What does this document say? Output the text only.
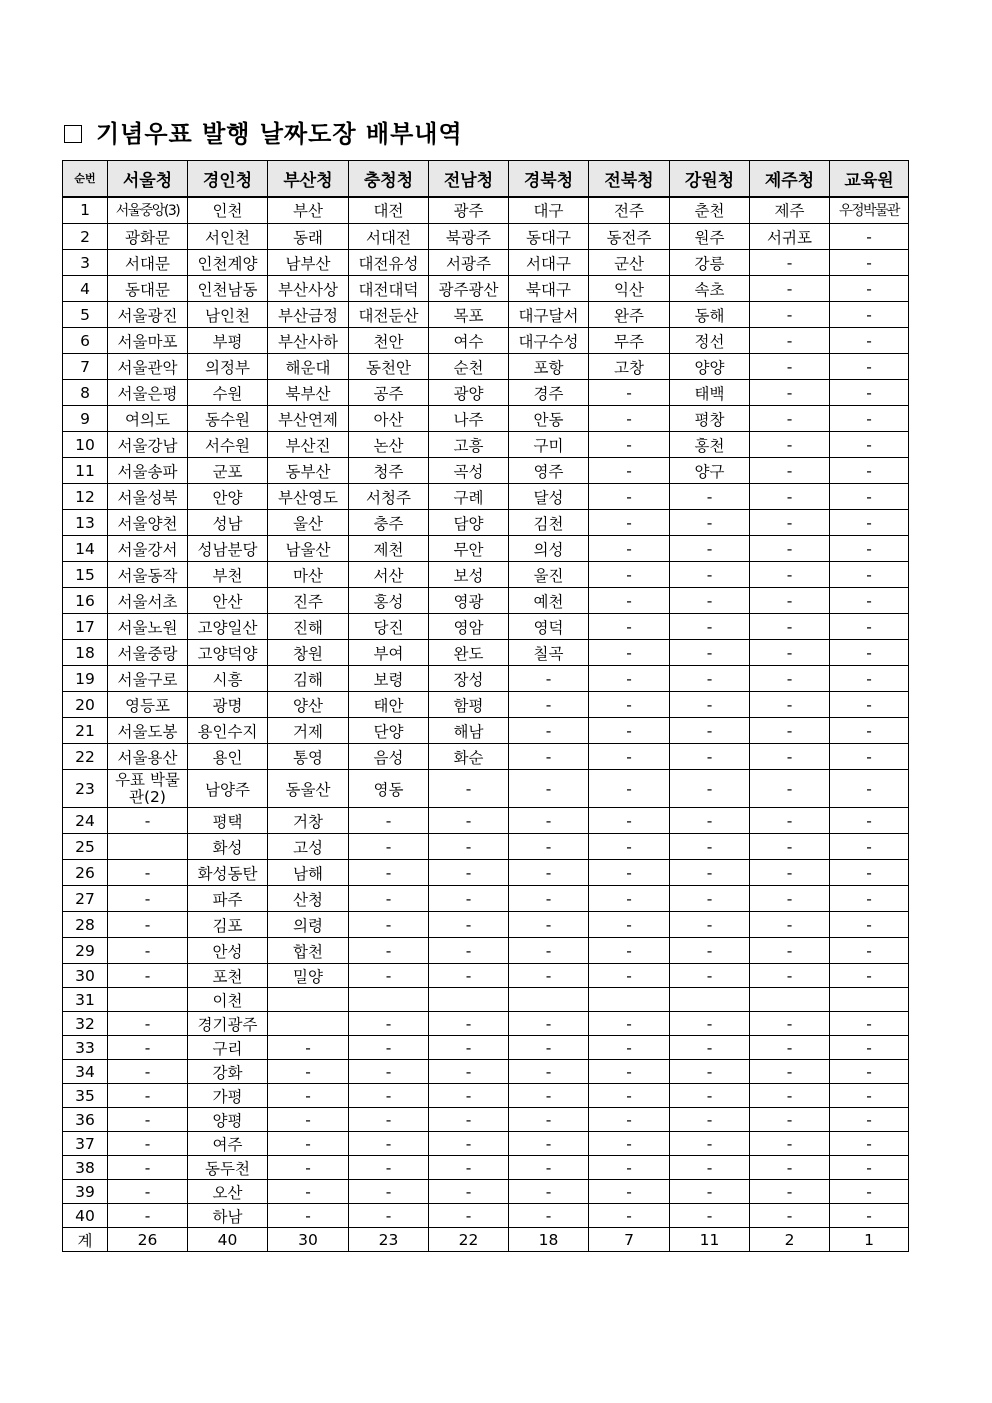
기념우표 발행 날짜도장 배부내역
순번	서울청	경인청	부산청	충청청	전남청	경북청	전북청	강원청	제주청	교육원
1	서울중앙(3)	인천	부산	대전	광주	대구	전주	춘천	제주	우정박물관
2	광화문	서인천	동래	서대전	북광주	동대구	동전주	원주	서귀포	-
3	서대문	인천계양	남부산	대전유성	서광주	서대구	군산	강릉	-	-
4	동대문	인천남동	부산사상	대전대덕	광주광산	북대구	익산	속초	-	-
5	서울광진	남인천	부산금정	대전둔산	목포	대구달서	완주	동해	-	-
6	서울마포	부평	부산사하	천안	여수	대구수성	무주	정선	-	-
7	서울관악	의정부	해운대	동천안	순천	포항	고창	양양	-	-
8	서울은평	수원	북부산	공주	광양	경주	-	태백	-	-
9	여의도	동수원	부산연제	아산	나주	안동	-	평창	-	-
10	서울강남	서수원	부산진	논산	고흥	구미	-	홍천	-	-
11	서울송파	군포	동부산	청주	곡성	영주	-	양구	-	-
12	서울성북	안양	부산영도	서청주	구례	달성	-	-	-	-
13	서울양천	성남	울산	충주	담양	김천	-	-	-	-
14	서울강서	성남분당	남울산	제천	무안	의성	-	-	-	-
15	서울동작	부천	마산	서산	보성	울진	-	-	-	-
16	서울서초	안산	진주	홍성	영광	예천	-	-	-	-
17	서울노원	고양일산	진해	당진	영암	영덕	-	-	-	-
18	서울중랑	고양덕양	창원	부여	완도	칠곡	-	-	-	-
19	서울구로	시흥	김해	보령	장성	-	-	-	-	-
20	영등포	광명	양산	태안	함평	-	-	-	-	-
21	서울도봉	용인수지	거제	단양	해남	-	-	-	-	-
22	서울용산	용인	통영	음성	화순	-	-	-	-	-
23	우표 박물관(2)	남양주	동울산	영동	-	-	-	-	-	-
24	-	평택	거창	-	-	-	-	-	-	-
25		화성	고성	-	-	-	-	-	-	-
26	-	화성동탄	남해	-	-	-	-	-	-	-
27	-	파주	산청	-	-	-	-	-	-	-
28	-	김포	의령	-	-	-	-	-	-	-
29	-	안성	합천	-	-	-	-	-	-	-
30	-	포천	밀양	-	-	-	-	-	-	-
31		이천								
32	-	경기광주		-	-	-	-	-	-	-
33	-	구리	-	-	-	-	-	-	-	-
34	-	강화	-	-	-	-	-	-	-	-
35	-	가평	-	-	-	-	-	-	-	-
36	-	양평	-	-	-	-	-	-	-	-
37	-	여주	-	-	-	-	-	-	-	-
38	-	동두천	-	-	-	-	-	-	-	-
39	-	오산	-	-	-	-	-	-	-	-
40	-	하남	-	-	-	-	-	-	-	-
계	26	40	30	23	22	18	7	11	2	1
